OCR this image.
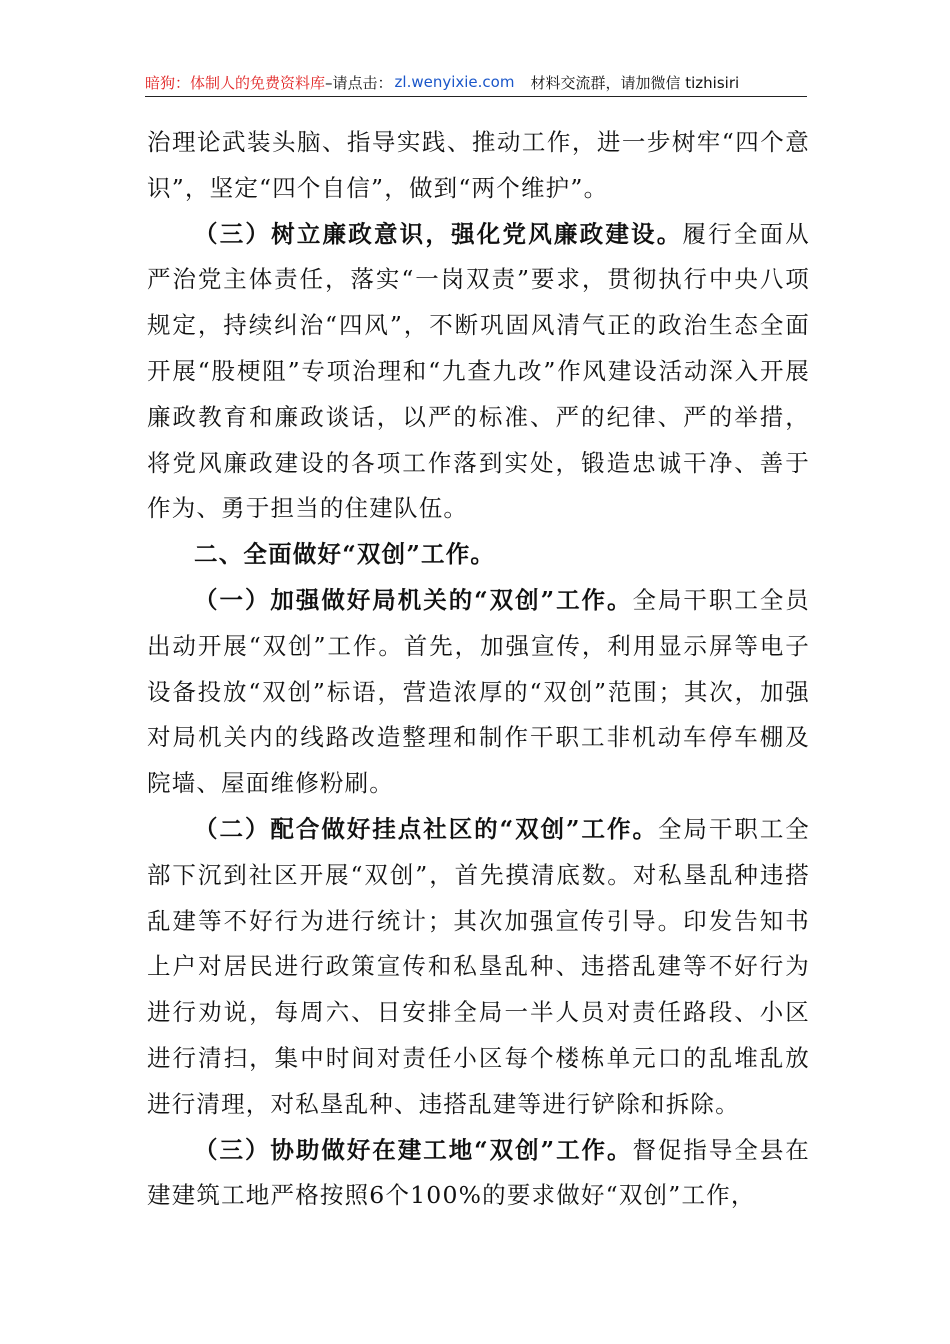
暗狗：体制人的免费资料库 –请点击： zl.wenyixie.com 材料交流群，请加微信 tizhisiri

治理论武装头脑、指导实践、推动工作，进一步树牢“四个意识”，坚定“四个自信”，做到“两个维护”。

（三）树立廉政意识，强化党风廉政建设。履行全面从严治党主体责任，落实“一岗双责”要求，贯彻执行中央八项规定，持续纠治“四风”，不断巩固风清气正的政治生态全面开展“股梗阻”专项治理和“九查九改”作风建设活动深入开展廉政教育和廉政谈话，以严的标准、严的纪律、严的举措，将党风廉政建设的各项工作落到实处，锻造忠诚干净、善于作为、勇于担当的住建队伍。

二、全面做好“双创”工作。

（一）加强做好局机关的“双创”工作。全局干职工全员出动开展“双创”工作。首先，加强宣传，利用显示屏等电子设备投放“双创”标语，营造浓厚的“双创”范围；其次，加强对局机关内的线路改造整理和制作干职工非机动车停车棚及院墙、屋面维修粉刷。

（二）配合做好挂点社区的“双创”工作。全局干职工全部下沉到社区开展“双创”，首先摸清底数。对私垦乱种违搭乱建等不好行为进行统计；其次加强宣传引导。印发告知书上户对居民进行政策宣传和私垦乱种、违搭乱建等不好行为进行劝说，每周六、日安排全局一半人员对责任路段、小区进行清扫，集中时间对责任小区每个楼栋单元口的乱堆乱放进行清理，对私垦乱种、违搭乱建等进行铲除和拆除。

（三）协助做好在建工地“双创”工作。督促指导全县在建建筑工地严格按照6个100%的要求做好“双创”工作，
